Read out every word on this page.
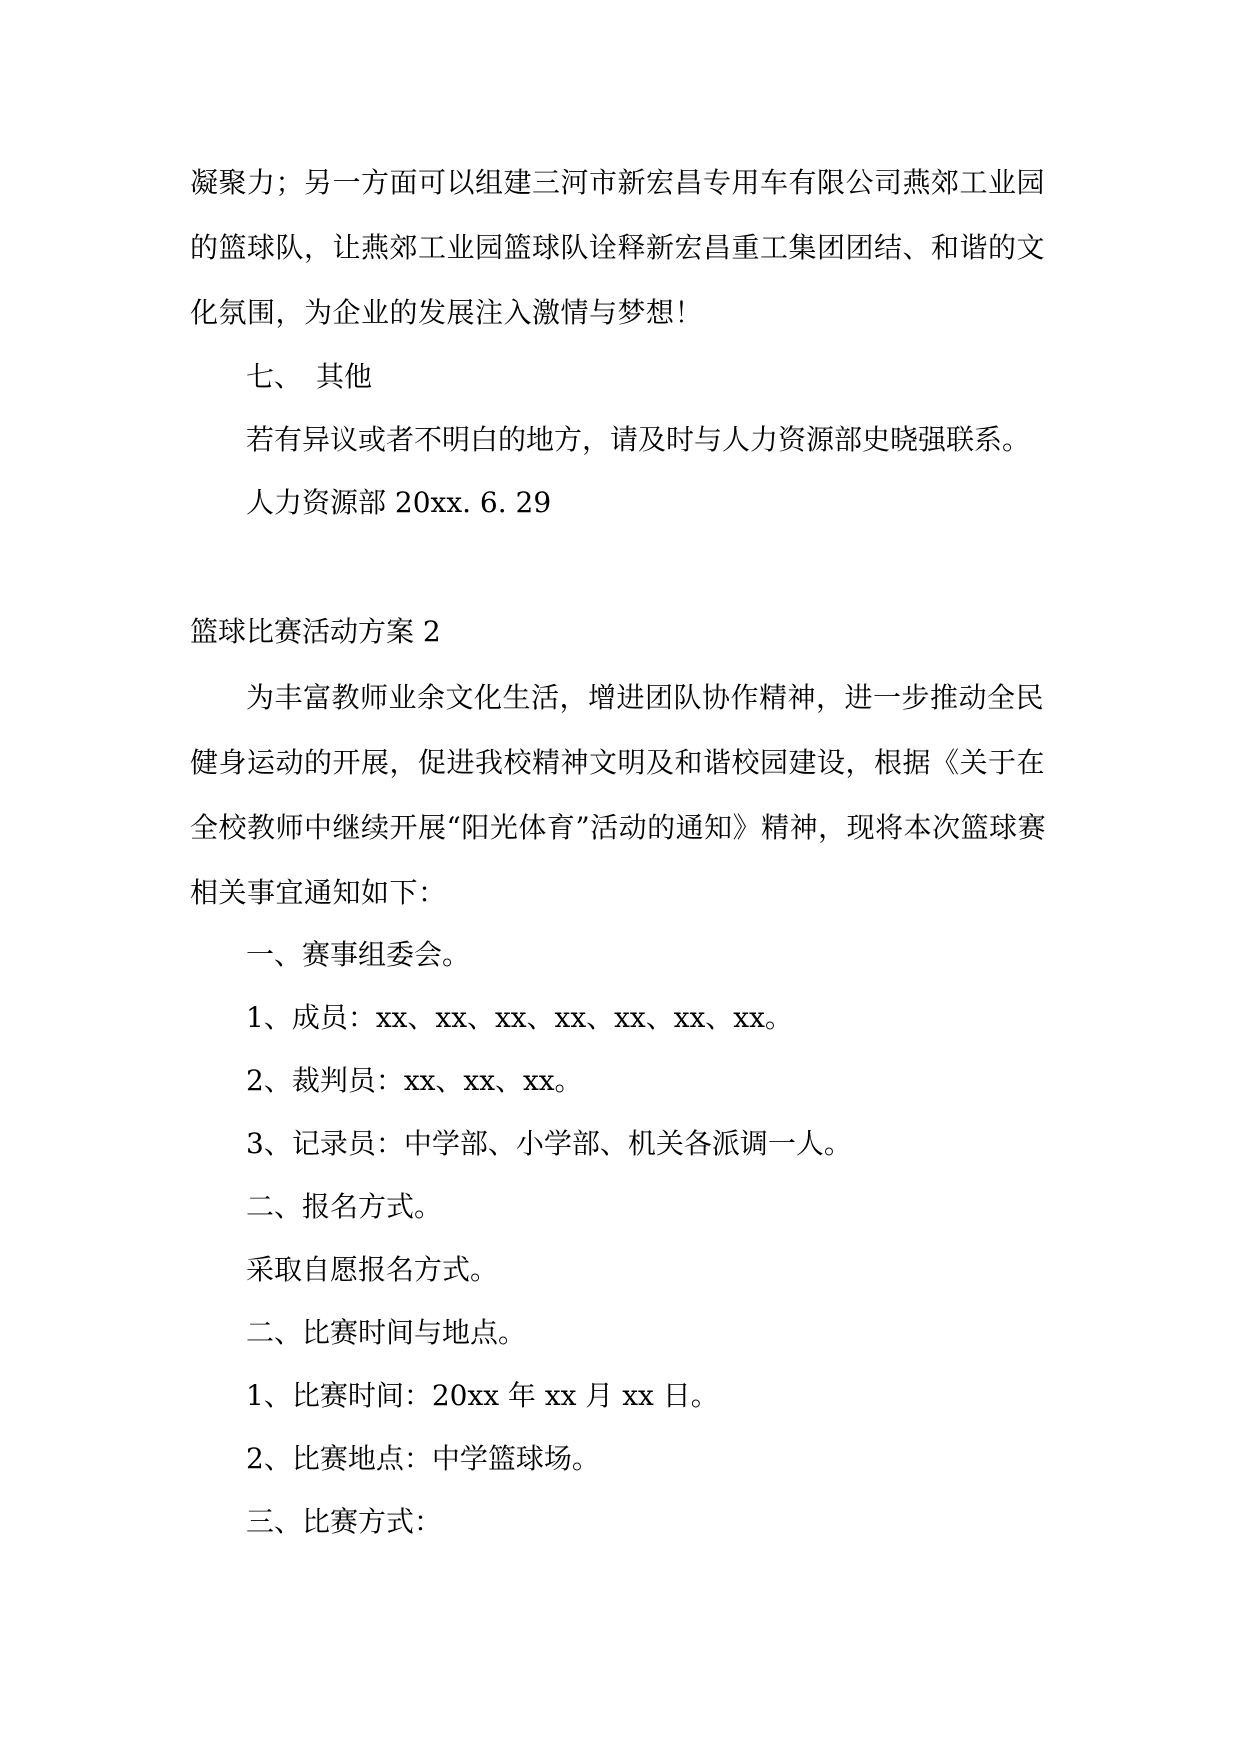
凝聚力；另一方面可以组建三河市新宏昌专用车有限公司燕郊工业园的篮球队，让燕郊工业园篮球队诠释新宏昌重工集团团结、和谐的文化氛围，为企业的发展注入激情与梦想！
七、　其他
若有异议或者不明白的地方，请及时与人力资源部史晓强联系。
人力资源部 20xx. 6. 29
篮球比赛活动方案 2
为丰富教师业余文化生活，增进团队协作精神，进一步推动全民健身运动的开展，促进我校精神文明及和谐校园建设，根据《关于在全校教师中继续开展“阳光体育”活动的通知》精神，现将本次篮球赛相关事宜通知如下：
一、赛事组委会。
1、成员：xx、xx、xx、xx、xx、xx、xx。
2、裁判员：xx、xx、xx。
3、记录员：中学部、小学部、机关各派调一人。
二、报名方式。
采取自愿报名方式。
二、比赛时间与地点。
1、比赛时间：20xx 年 xx 月 xx 日。
2、比赛地点：中学篮球场。
三、比赛方式：
